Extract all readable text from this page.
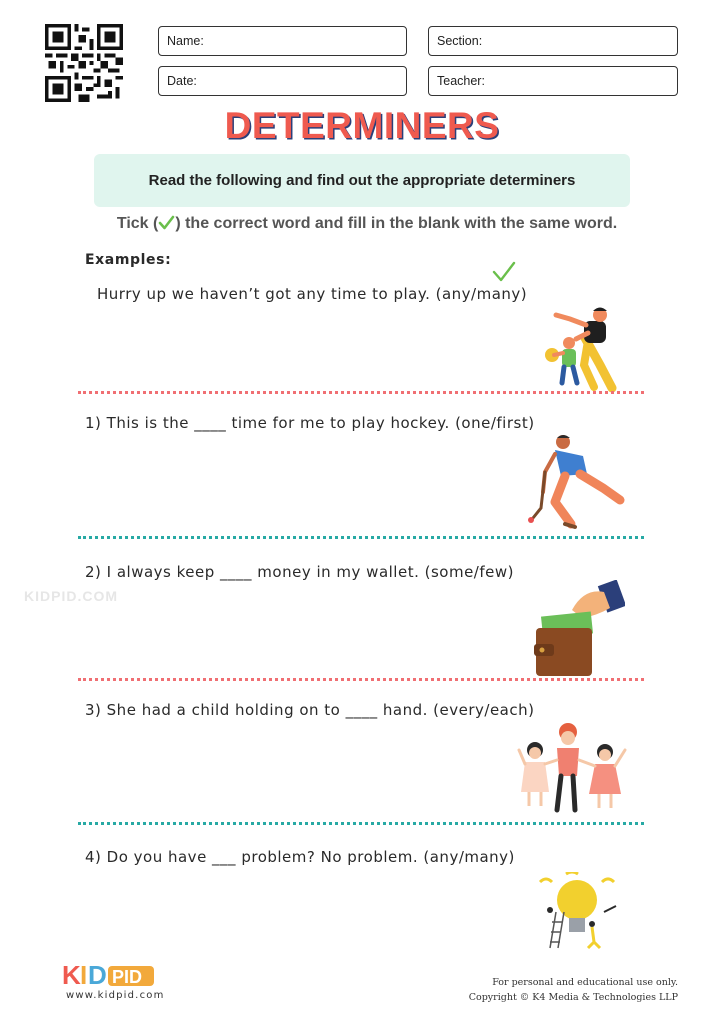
Name:	Section:
Date:	Teacher:
DETERMINERS
Read the following and find out the appropriate determiners
Tick ( ) the correct word and fill in the blank with the same word.
Examples:
Hurry up we haven’t got any time to play. (any/many)
1) This is the ____ time for me to play hockey. (one/first)
KIDPID.COM
2) I always keep ____ money in my wallet. (some/few)
3) She had a child holding on to ____ hand. (every/each)
4) Do you have ___ problem? No problem. (any/many)
K I D PID
www.kidpid.com
For personal and educational use only.
Copyright © K4 Media & Technologies LLP
